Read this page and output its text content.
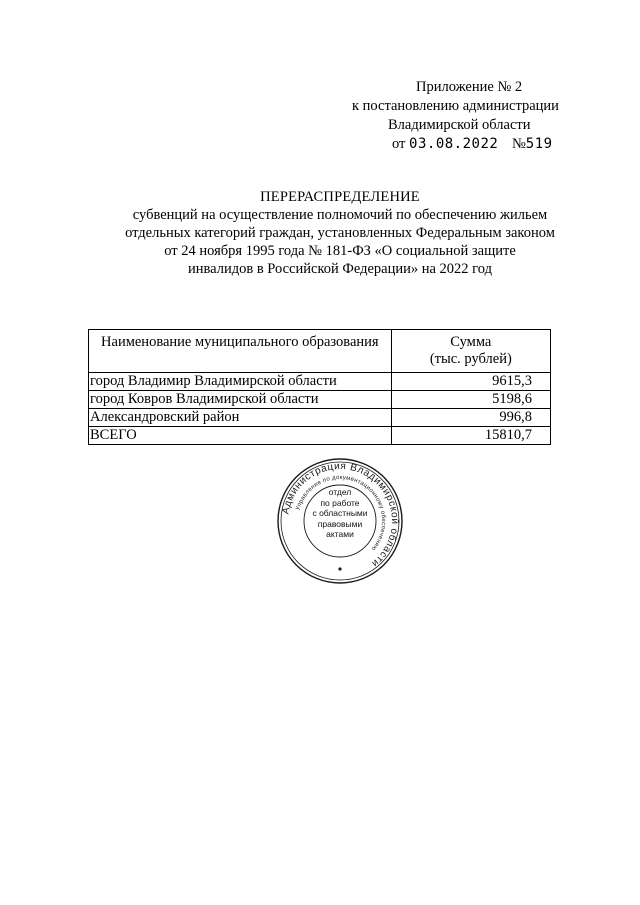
Приложение № 2
к постановлению администрации
Владимирской области
от 03.08.2022 №519
ПЕРЕРАСПРЕДЕЛЕНИЕ
субвенций на осуществление полномочий по обеспечению жильем
отдельных категорий граждан, установленных Федеральным законом
от 24 ноября 1995 года № 181-ФЗ «О социальной защите
инвалидов в Российской Федерации» на 2022 год
Наименование муниципального образования	Сумма
(тыс. рублей)

город Владимир Владимирской области	9615,3
город Ковров Владимирской области	5198,6
Александровский район	996,8
ВСЕГО	15810,7
Администрация Владимирской области
Управление по документационному обеспечению
отдел
по работе
с областными
правовыми
актами
